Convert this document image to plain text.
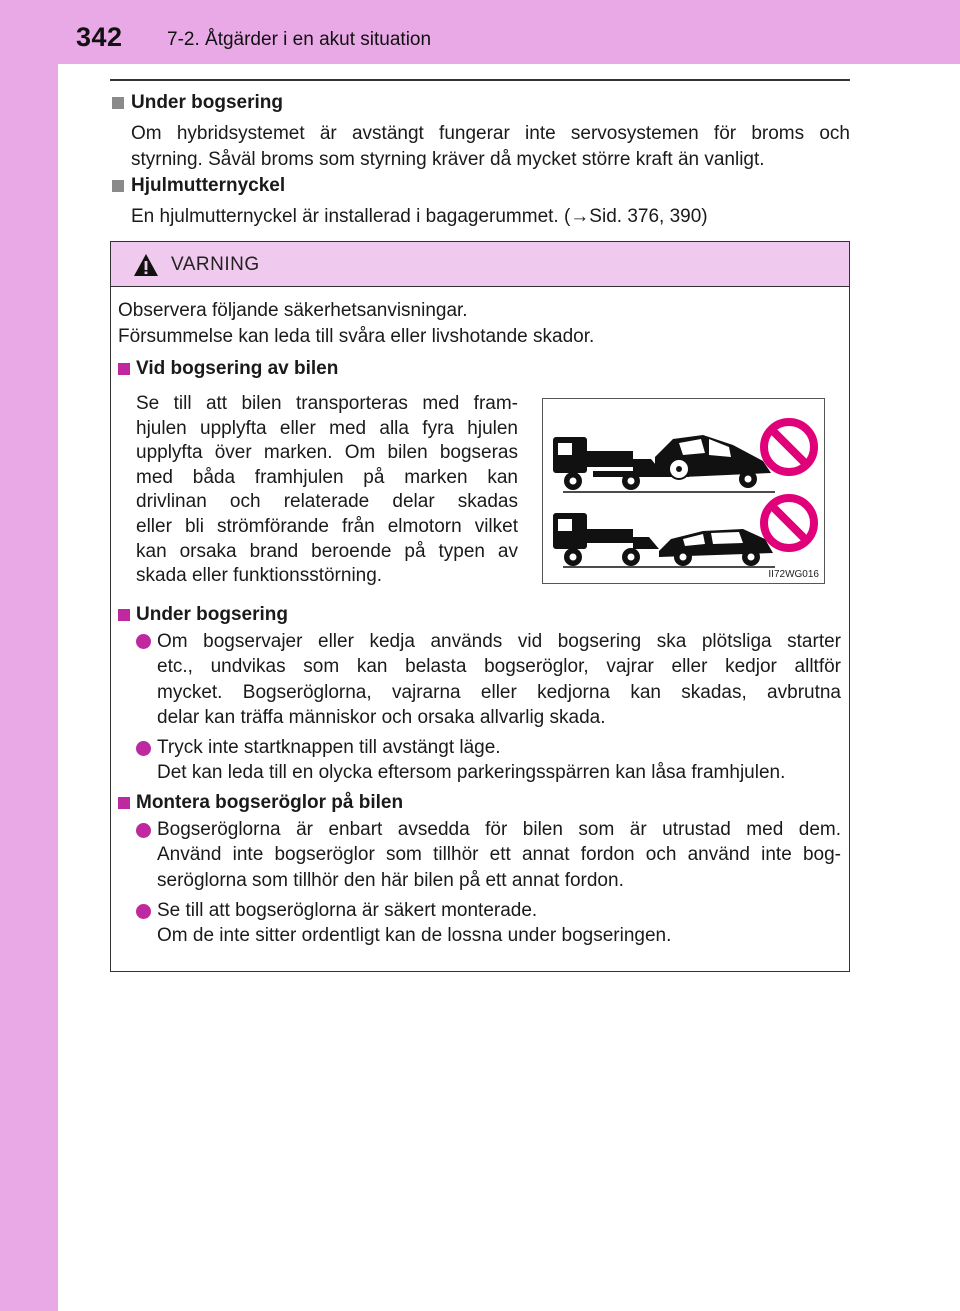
342 7-2. Åtgärder i en akut situation
Under bogsering
Om hybridsystemet är avstängt fungerar inte servosystemen för broms och
styrning. Såväl broms som styrning kräver då mycket större kraft än vanligt.
Hjulmutternyckel
En hjulmutternyckel är installerad i bagagerummet. (→Sid. 376, 390)
VARNING
Observera följande säkerhetsanvisningar.
Försummelse kan leda till svåra eller livshotande skador.
Vid bogsering av bilen
Se till att bilen transporteras med fram-
hjulen upplyfta eller med alla fyra hjulen
upplyfta över marken. Om bilen bogseras
med båda framhjulen på marken kan
drivlinan och relaterade delar skadas
eller bli strömförande från elmotorn vilket
kan orsaka brand beroende på typen av
skada eller funktionsstörning.	II72WG016
Under bogsering
Om bogservajer eller kedja används vid bogsering ska plötsliga starter
etc., undvikas som kan belasta bogseröglor, vajrar eller kedjor alltför
mycket. Bogseröglorna, vajrarna eller kedjorna kan skadas, avbrutna
delar kan träffa människor och orsaka allvarlig skada.
Tryck inte startknappen till avstängt läge.
Det kan leda till en olycka eftersom parkeringsspärren kan låsa framhjulen.
Montera bogseröglor på bilen
Bogseröglorna är enbart avsedda för bilen som är utrustad med dem.
Använd inte bogseröglor som tillhör ett annat fordon och använd inte bog-
seröglorna som tillhör den här bilen på ett annat fordon.
Se till att bogseröglorna är säkert monterade.
Om de inte sitter ordentligt kan de lossna under bogseringen.
